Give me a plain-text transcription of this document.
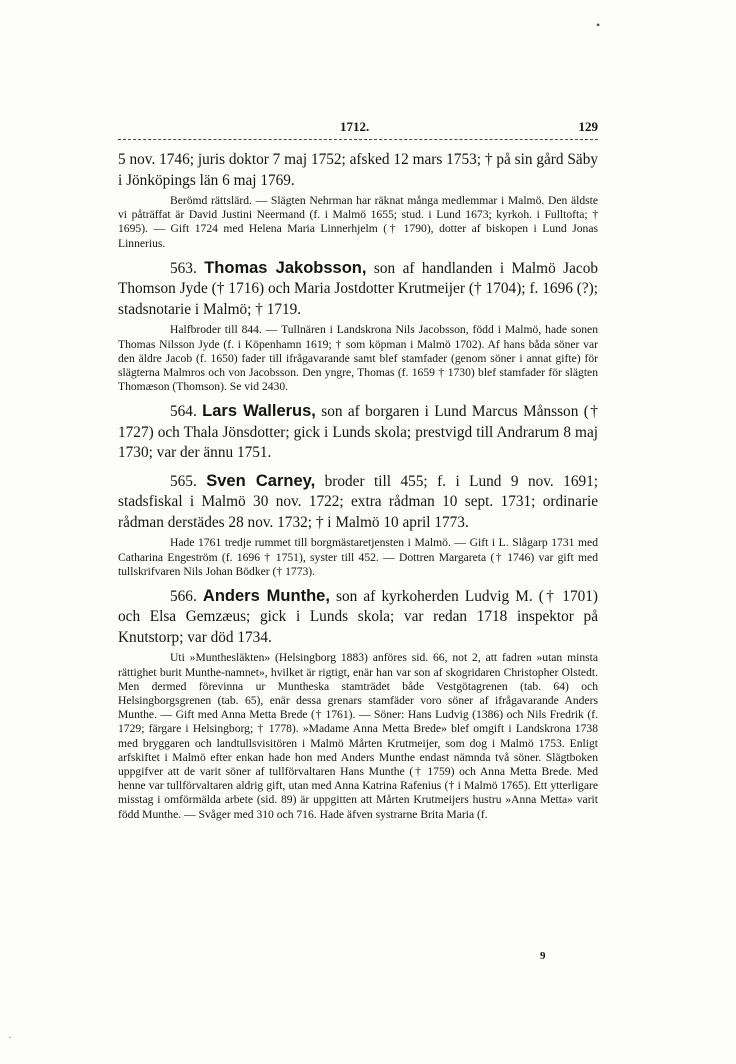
•
1712.	129

5 nov. 1746; juris doktor 7 maj 1752; afsked 12 mars 1753; † på sin gård Säby i Jönköpings län 6 maj 1769.

Berömd rättslärd. — Slägten Nehrman har räknat många medlemmar i Malmö. Den äldste vi påträffat är David Justini Neermand (f. i Malmö 1655; stud. i Lund 1673; kyrkoh. i Fulltofta; † 1695). — Gift 1724 med Helena Maria Linnerhjelm († 1790), dotter af biskopen i Lund Jonas Linnerius.

563. Thomas Jakobsson, son af handlanden i Malmö Jacob Thomson Jyde († 1716) och Maria Jostdotter Krutmeijer († 1704); f. 1696 (?); stadsnotarie i Malmö; † 1719.

Halfbroder till 844. — Tullnären i Landskrona Nils Jacobsson, född i Malmö, hade sonen Thomas Nilsson Jyde (f. i Köpenhamn 1619; † som köpman i Malmö 1702). Af hans båda söner var den äldre Jacob (f. 1650) fader till ifrågavarande samt blef stamfader (genom söner i annat gifte) för slägterna Malmros och von Jacobsson. Den yngre, Thomas (f. 1659 † 1730) blef stamfader för slägten Thomæson (Thomson). Se vid 2430.

564. Lars Wallerus, son af borgaren i Lund Marcus Månsson († 1727) och Thala Jönsdotter; gick i Lunds skola; prestvigd till Andrarum 8 maj 1730; var der ännu 1751.

565. Sven Carney, broder till 455; f. i Lund 9 nov. 1691; stadsfiskal i Malmö 30 nov. 1722; extra rådman 10 sept. 1731; ordinarie rådman derstädes 28 nov. 1732; † i Malmö 10 april 1773.

Hade 1761 tredje rummet till borgmästaretjensten i Malmö. — Gift i L. Slågarp 1731 med Catharina Engeström (f. 1696 † 1751), syster till 452. — Dottren Margareta († 1746) var gift med tullskrifvaren Nils Johan Bödker († 1773).

566. Anders Munthe, son af kyrkoherden Ludvig M. († 1701) och Elsa Gemzæus; gick i Lunds skola; var redan 1718 inspektor på Knutstorp; var död 1734.

Uti »Munthesläkten» (Helsingborg 1883) anföres sid. 66, not 2, att fadren »utan minsta rättighet burit Munthe-namnet», hvilket är rigtigt, enär han var son af skogridaren Christopher Olstedt. Men dermed förevinna ur Muntheska stamträdet både Vestgötagrenen (tab. 64) och Helsingborgsgrenen (tab. 65), enär dessa grenars stamfäder voro söner af ifrågavarande Anders Munthe. — Gift med Anna Metta Brede († 1761). — Söner: Hans Ludvig (1386) och Nils Fredrik (f. 1729; färgare i Helsingborg; † 1778). »Madame Anna Metta Brede» blef omgift i Landskrona 1738 med bryggaren och landtullsvisitören i Malmö Mårten Krutmeijer, som dog i Malmö 1753. Enligt arfskiftet i Malmö efter enkan hade hon med Anders Munthe endast nämnda två söner. Slägtboken uppgifver att de varit söner af tullförvaltaren Hans Munthe († 1759) och Anna Metta Brede. Med henne var tullförvaltaren aldrig gift, utan med Anna Katrina Rafenius († i Malmö 1765). Ett ytterligare misstag i omförmälda arbete (sid. 89) är uppgitten att Mårten Krutmeijers hustru »Anna Metta» varit född Munthe. — Svåger med 310 och 716. Hade äfven systrarne Brita Maria (f.

9
·
